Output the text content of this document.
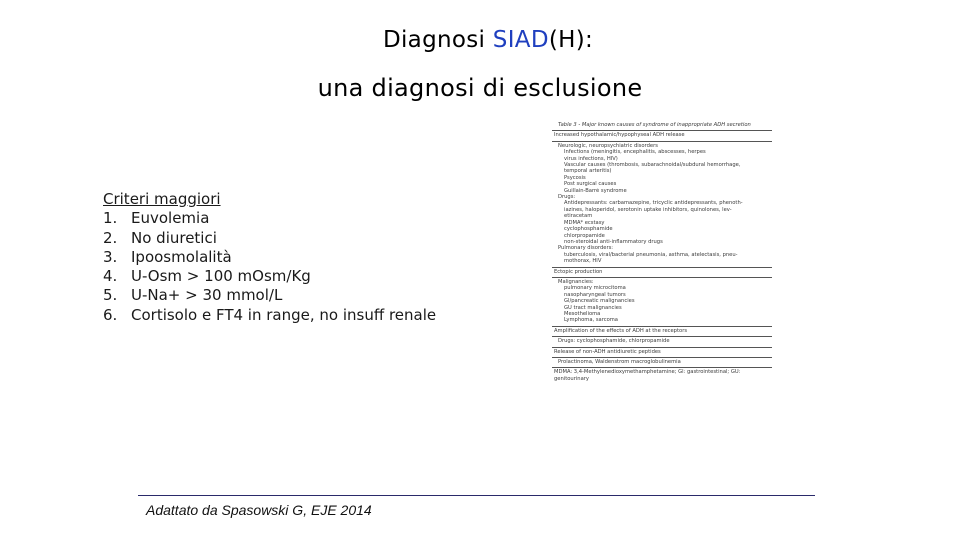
Diagnosi SIAD(H):
una diagnosi di esclusione
Criteri maggiori
1. Euvolemia
2. No diuretici
3. Ipoosmolalità
4. U-Osm > 100 mOsm/Kg
5. U-Na+ > 30 mmol/L
6. Cortisolo e FT4 in range, no insuff renale
Table 3 - Major known causes of syndrome of inappropriate ADH secretion
Increased hypothalamic/hypophyseal ADH release
Neurologic, neuropsychiatric disorders
Infections (meningitis, encephalitis, abscesses, herpes
virus infections, HIV)
Vascular causes (thrombosis, subarachnoidal/subdural hemorrhage,
temporal arteritis)
Psycosis
Post surgical causes
Guillain-Barré syndrome
Drugs:
Antidepressants: carbamazepine, tricyclic antidepressants, phenoth-
iazines, haloperidol, serotonin uptake inhibitors, quinolones, lev-
etiracetam
MDMA* ecstasy
cyclophosphamide
chlorpropamide
non-steroidal anti-inflammatory drugs
Pulmonary disorders:
tuberculosis, viral/bacterial pneumonia, asthma, atelectasis, pneu-
mothorax, HIV
Ectopic production
Malignancies:
pulmonary microcitoma
nasopharyngeal tumors
Gl/pancreatic malignancies
GU tract malignancies
Mesothelioma
Lymphoma, sarcoma
Amplification of the effects of ADH at the receptors
Drugs: cyclophosphamide, chlorpropamide
Release of non-ADH antidiuretic peptides
Prolactinoma, Waldenstrom macroglobulinemia
MDMA: 3,4-Methylenedioxymethamphetamine; Gl: gastrointestinal; GU:
genitourinary
Adattato da Spasowski G, EJE 2014
